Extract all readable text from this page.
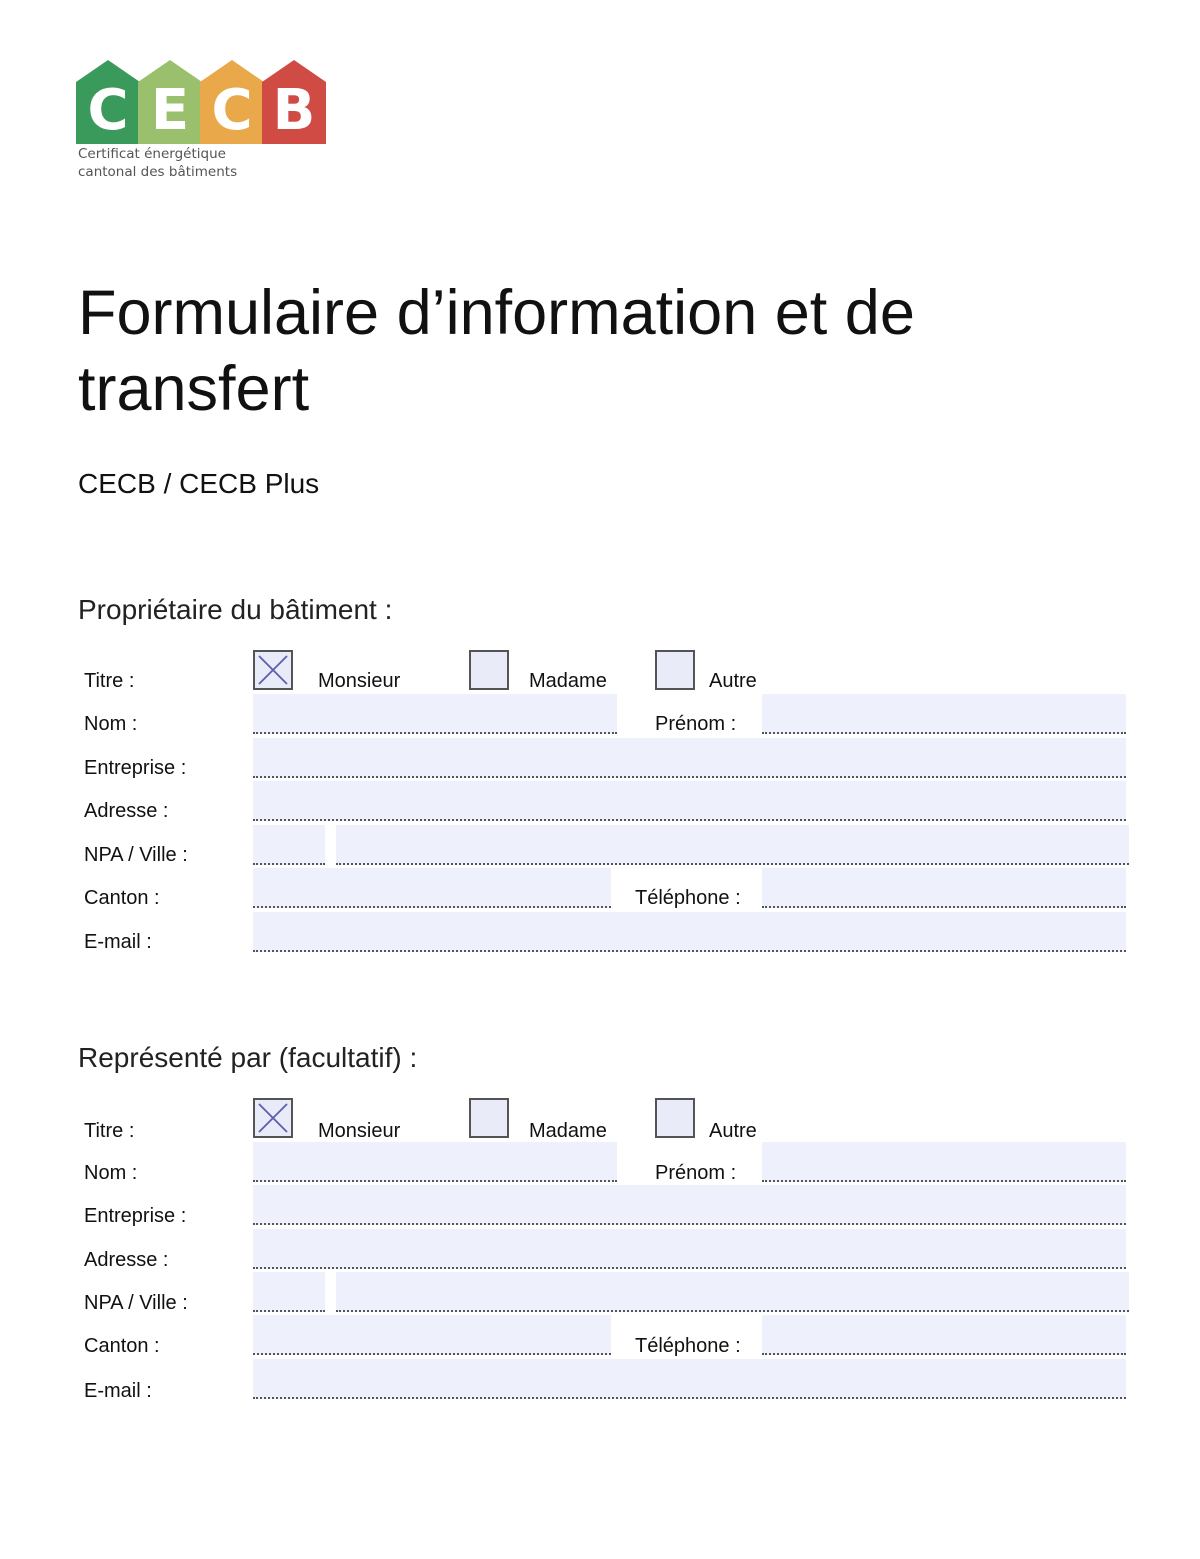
C E C B
Certificat énergétique
cantonal des bâtiments
Formulaire d’information et de transfert
CECB / CECB Plus
Propriétaire du bâtiment :
Titre :	Monsieur	Madame	Autre
Nom :	Prénom :
Entreprise :
Adresse :
NPA / Ville :
Canton :	Téléphone :
E-mail :
Représenté par (facultatif) :
Titre :	Monsieur	Madame	Autre
Nom :	Prénom :
Entreprise :
Adresse :
NPA / Ville :
Canton :	Téléphone :
E-mail :
